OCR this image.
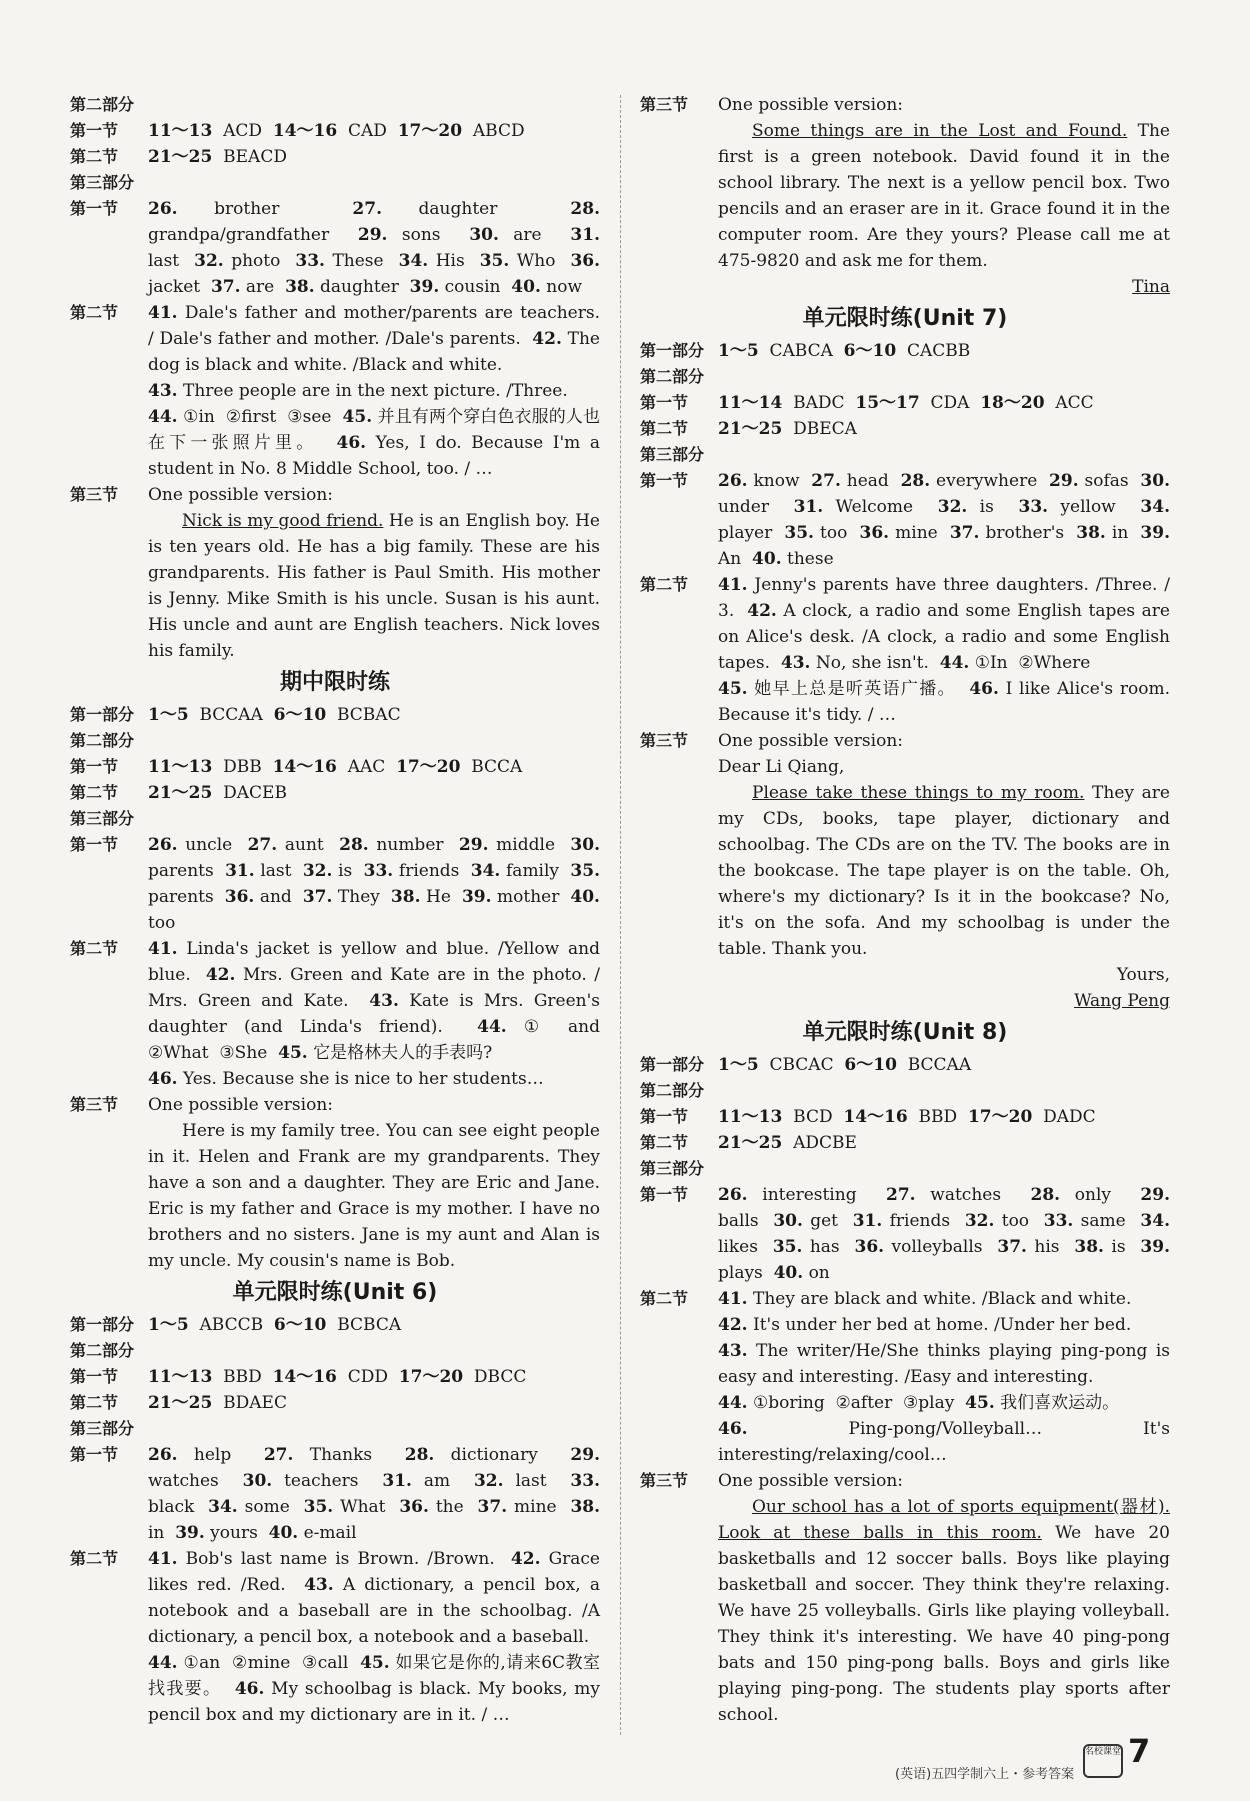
第二部分
第一节	11～13  ACD  14～16  CAD  17～20  ABCD
第二节	21～25  BEACD
第三部分
第一节	26. brother  27. daughter  28. grandpa/grandfather  29. sons  30. are  31. last  32. photo  33. These  34. His  35. Who  36. jacket  37. are  38. daughter  39. cousin  40. now
第二节	41. Dale's father and mother/parents are teachers. / Dale's father and mother. /Dale's parents.  42. The dog is black and white. /Black and white.
43. Three people are in the next picture. /Three.
44. ①in  ②first  ③see  45. 并且有两个穿白色衣服的人也在下一张照片里。  46. Yes, I do. Because I'm a student in No. 8 Middle School, too. / …
第三节	One possible version:
Nick is my good friend. He is an English boy. He is ten years old. He has a big family. These are his grandparents. His father is Paul Smith. His mother is Jenny. Mike Smith is his uncle. Susan is his aunt. His uncle and aunt are English teachers. Nick loves his family.
期中限时练
第一部分 1～5  BCCAA  6～10  BCBAC
第二部分
第一节	11～13  DBB  14～16  AAC  17～20  BCCA
第二节	21～25  DACEB
第三部分
第一节	26. uncle  27. aunt  28. number  29. middle  30. parents  31. last  32. is  33. friends  34. family  35. parents  36. and  37. They  38. He  39. mother  40. too
第二节	41. Linda's jacket is yellow and blue. /Yellow and blue.  42. Mrs. Green and Kate are in the photo. / Mrs. Green and Kate.  43. Kate is Mrs. Green's daughter (and Linda's friend).  44. ① and ②What  ③She  45. 它是格林夫人的手表吗?
46. Yes. Because she is nice to her students…
第三节	One possible version:
Here is my family tree. You can see eight people in it. Helen and Frank are my grandparents. They have a son and a daughter. They are Eric and Jane. Eric is my father and Grace is my mother. I have no brothers and no sisters. Jane is my aunt and Alan is my uncle. My cousin's name is Bob.
单元限时练(Unit 6)
第一部分 1～5  ABCCB  6～10  BCBCA
第二部分
第一节	11～13  BBD  14～16  CDD  17～20  DBCC
第二节	21～25  BDAEC
第三部分
第一节	26. help  27. Thanks  28. dictionary  29. watches  30. teachers  31. am  32. last  33. black  34. some  35. What  36. the  37. mine  38. in  39. yours  40. e-mail
第二节	41. Bob's last name is Brown. /Brown.  42. Grace likes red. /Red.  43. A dictionary, a pencil box, a notebook and a baseball are in the schoolbag. /A dictionary, a pencil box, a notebook and a baseball.
44. ①an  ②mine  ③call  45. 如果它是你的,请来6C教室找我要。  46. My schoolbag is black. My books, my pencil box and my dictionary are in it. / …
第三节	One possible version:
Some things are in the Lost and Found. The first is a green notebook. David found it in the school library. The next is a yellow pencil box. Two pencils and an eraser are in it. Grace found it in the computer room. Are they yours? Please call me at 475-9820 and ask me for them.
Tina
单元限时练(Unit 7)
第一部分 1～5  CABCA  6～10  CACBB
第二部分
第一节	11～14  BADC  15～17  CDA  18～20  ACC
第二节	21～25  DBECA
第三部分
第一节	26. know  27. head  28. everywhere  29. sofas  30. under  31. Welcome  32. is  33. yellow  34. player  35. too  36. mine  37. brother's  38. in  39. An  40. these
第二节	41. Jenny's parents have three daughters. /Three. / 3.  42. A clock, a radio and some English tapes are on Alice's desk. /A clock, a radio and some English tapes.  43. No, she isn't.  44. ①In  ②Where
45. 她早上总是听英语广播。  46. I like Alice's room. Because it's tidy. / …
第三节	One possible version:
Dear Li Qiang,
Please take these things to my room. They are my CDs, books, tape player, dictionary and schoolbag. The CDs are on the TV. The books are in the bookcase. The tape player is on the table. Oh, where's my dictionary? Is it in the bookcase? No, it's on the sofa. And my schoolbag is under the table. Thank you.
Yours,
Wang Peng
单元限时练(Unit 8)
第一部分 1～5  CBCAC  6～10  BCCAA
第二部分
第一节	11～13  BCD  14～16  BBD  17～20  DADC
第二节	21～25  ADCBE
第三部分
第一节	26. interesting  27. watches  28. only  29. balls  30. get  31. friends  32. too  33. same  34. likes  35. has  36. volleyballs  37. his  38. is  39. plays  40. on
第二节	41. They are black and white. /Black and white.
42. It's under her bed at home. /Under her bed.
43. The writer/He/She thinks playing ping-pong is easy and interesting. /Easy and interesting.
44. ①boring  ②after  ③play  45. 我们喜欢运动。
46. Ping-pong/Volleyball… It's interesting/relaxing/cool…
第三节	One possible version:
Our school has a lot of sports equipment(器材). Look at these balls in this room. We have 20 basketballs and 12 soccer balls. Boys like playing basketball and soccer. They think they're relaxing. We have 25 volleyballs. Girls like playing volleyball. They think it's interesting. We have 40 ping-pong bats and 150 ping-pong balls. Boys and girls like playing ping-pong. The students play sports after school.
(英语)五四学制六上・参考答案
名校课堂 7
